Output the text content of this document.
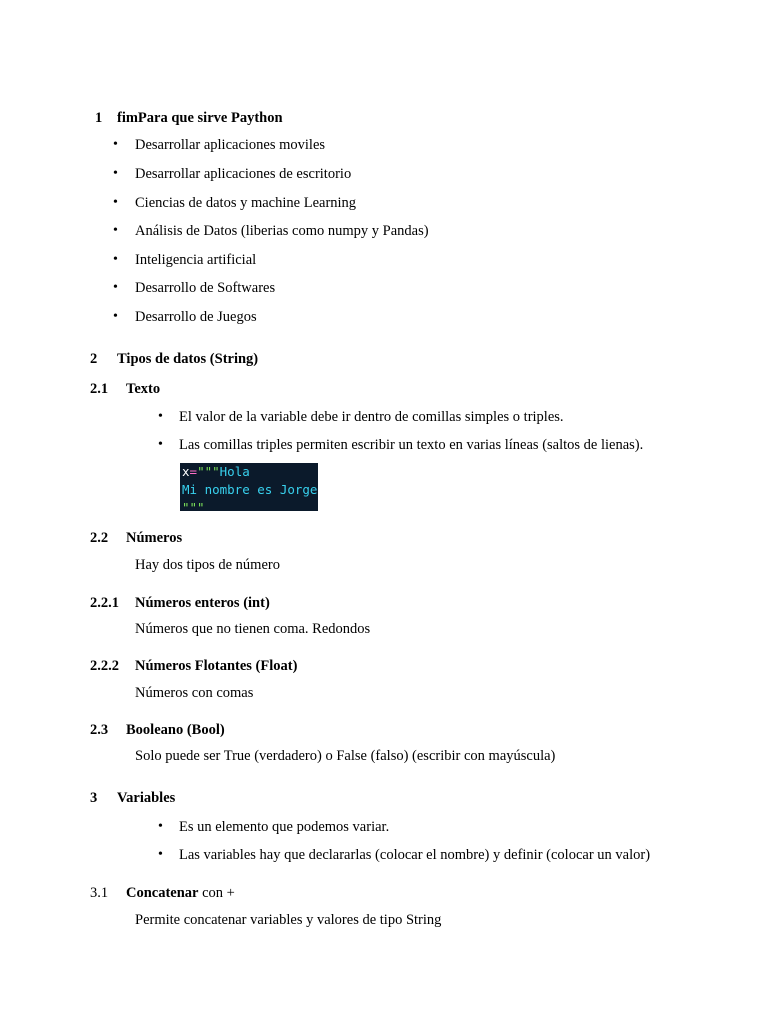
1 fimPara que sirve Paython
• Desarrollar aplicaciones moviles
• Desarrollar aplicaciones de escritorio
• Ciencias de datos y machine Learning
• Análisis de Datos (liberias como numpy y Pandas)
• Inteligencia artificial
• Desarrollo de Softwares
• Desarrollo de Juegos
2 Tipos de datos (String)
2.1 Texto
• El valor de la variable debe ir dentro de comillas simples o triples.
• Las comillas triples permiten escribir un texto en varias líneas (saltos de lienas).
x="""Hola
Mi nombre es Jorge
"""
2.2 Números
Hay dos tipos de número
2.2.1 Números enteros (int)
Números que no tienen coma. Redondos
2.2.2 Números Flotantes (Float)
Números con comas
2.3 Booleano (Bool)
Solo puede ser True (verdadero) o False (falso) (escribir con mayúscula)
3 Variables
• Es un elemento que podemos variar.
• Las variables hay que declararlas (colocar el nombre) y definir (colocar un valor)
3.1 Concatenar con +
Permite concatenar variables y valores de tipo String
